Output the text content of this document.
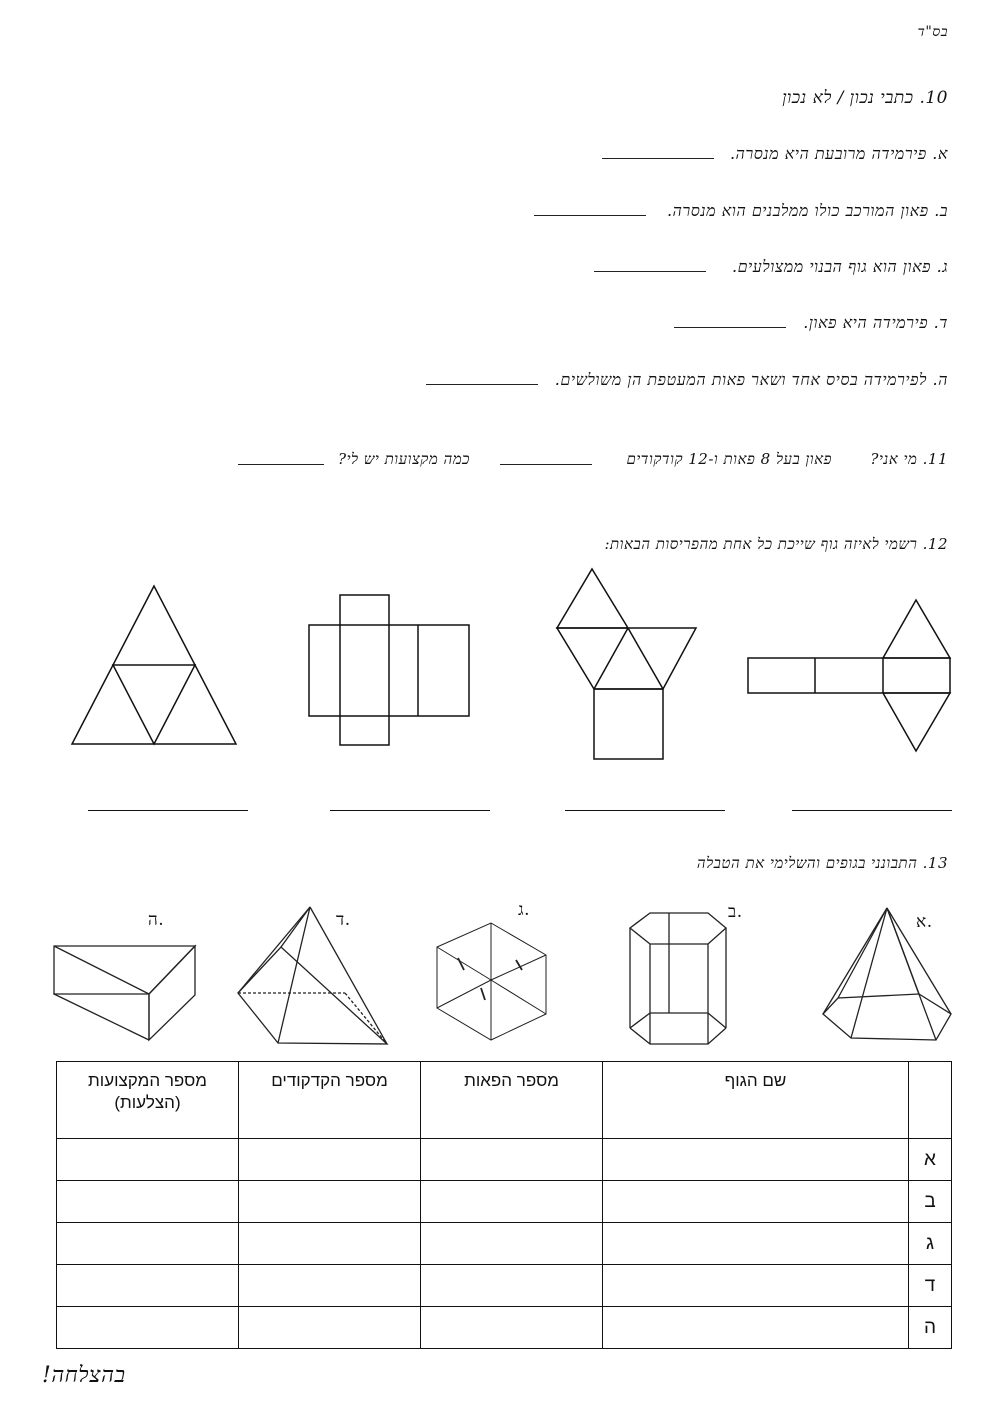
בס"ד
10. כתבי נכון / לא נכון
א. פירמידה מרובעת היא מנסרה.
ב. פאון המורכב כולו ממלבנים הוא מנסרה.
ג. פאון הוא גוף הבנוי ממצולעים.
ד. פירמידה היא פאון.
ה. לפירמידה בסיס אחד ושאר פאות המעטפת הן משולשים.
11. מי אני?
פאון בעל 8 פאות ו-12 קודקודים
כמה מקצועות יש לי?
12. רשמי לאיזה גוף שייכת כל אחת מהפריסות הבאות:
13. התבונני בגופים והשלימי את הטבלה
א.
ב.
ג.
ד.
ה.
	שם הגוף	מספר הפאות	מספר הקדקודים	מספר המקצועות (הצלעות)
א				
ב				
ג				
ד				
ה				
בהצלחה!
